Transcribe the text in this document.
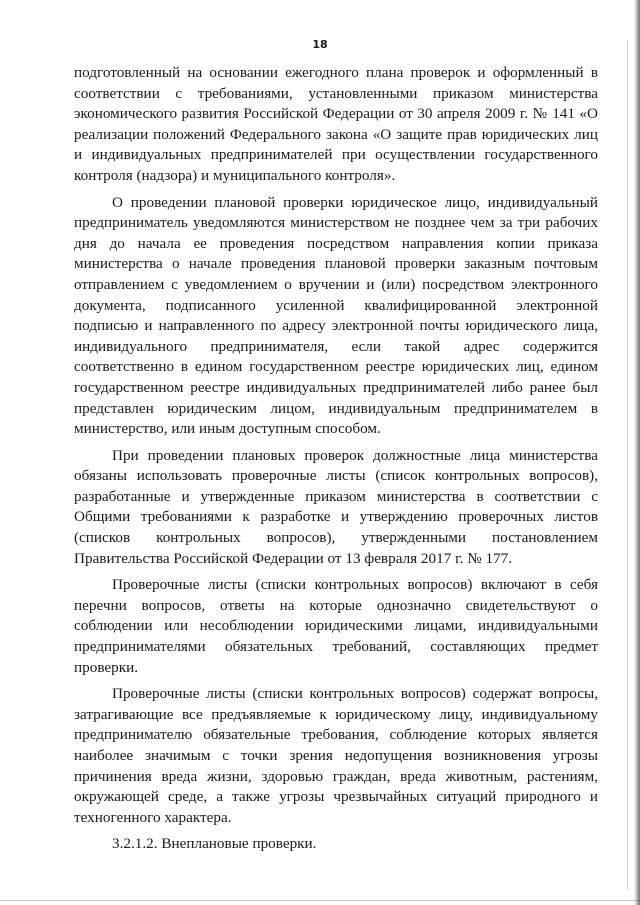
18

подготовленный на основании ежегодного плана проверок и оформленный в соответствии с требованиями, установленными приказом министерства экономического развития Российской Федерации от 30 апреля 2009 г. № 141 «О реализации положений Федерального закона «О защите прав юридических лиц и индивидуальных предпринимателей при осуществлении государственного контроля (надзора) и муниципального контроля».

О проведении плановой проверки юридическое лицо, индивидуальный предприниматель уведомляются министерством не позднее чем за три рабочих дня до начала ее проведения посредством направления копии приказа министерства о начале проведения плановой проверки заказным почтовым отправлением с уведомлением о вручении и (или) посредством электронного документа, подписанного усиленной квалифицированной электронной подписью и направленного по адресу электронной почты юридического лица, индивидуального предпринимателя, если такой адрес содержится соответственно в едином государственном реестре юридических лиц, едином государственном реестре индивидуальных предпринимателей либо ранее был представлен юридическим лицом, индивидуальным предпринимателем в министерство, или иным доступным способом.

При проведении плановых проверок должностные лица министерства обязаны использовать проверочные листы (список контрольных вопросов), разработанные и утвержденные приказом министерства в соответствии с Общими требованиями к разработке и утверждению проверочных листов (списков контрольных вопросов), утвержденными постановлением Правительства Российской Федерации от 13 февраля 2017 г. № 177.

Проверочные листы (списки контрольных вопросов) включают в себя перечни вопросов, ответы на которые однозначно свидетельствуют о соблюдении или несоблюдении юридическими лицами, индивидуальными предпринимателями обязательных требований, составляющих предмет проверки.

Проверочные листы (списки контрольных вопросов) содержат вопросы, затрагивающие все предъявляемые к юридическому лицу, индивидуальному предпринимателю обязательные требования, соблюдение которых является наиболее значимым с точки зрения недопущения возникновения угрозы причинения вреда жизни, здоровью граждан, вреда животным, растениям, окружающей среде, а также угрозы чрезвычайных ситуаций природного и техногенного характера.

3.2.1.2. Внеплановые проверки.
